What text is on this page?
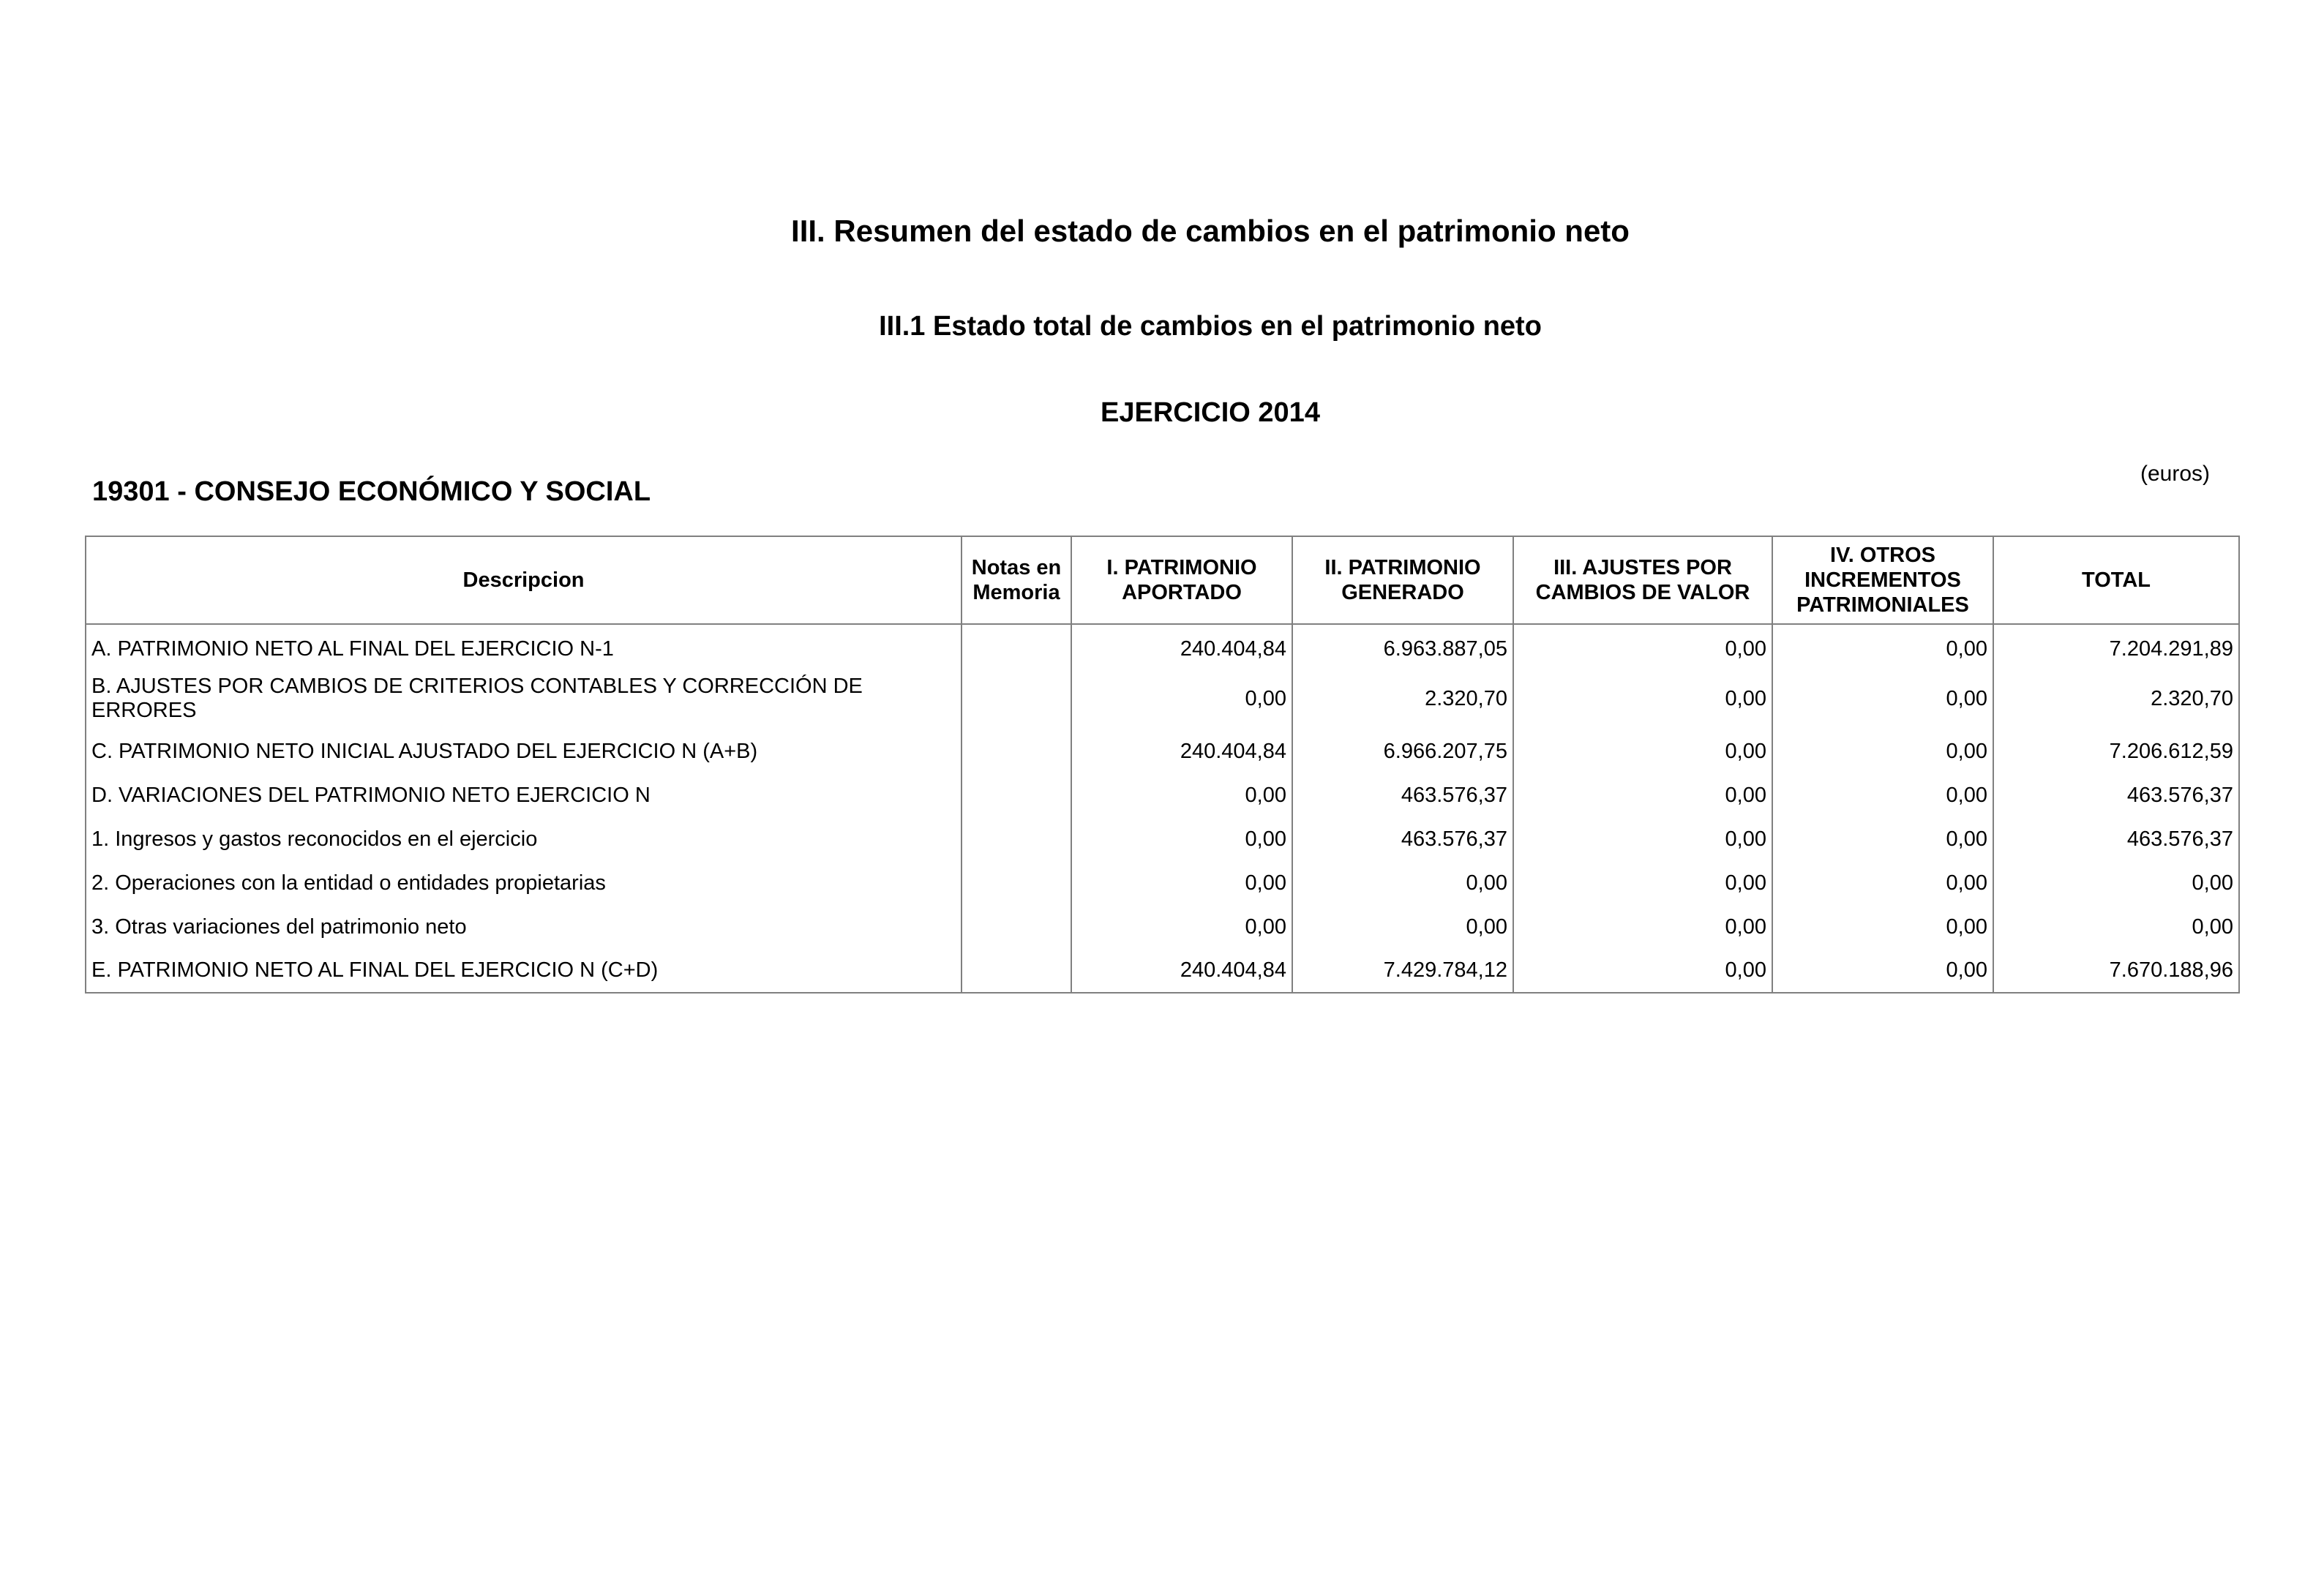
III. Resumen del estado de cambios en el patrimonio neto
III.1 Estado total de cambios en el patrimonio neto
EJERCICIO 2014
(euros)
19301 - CONSEJO ECONÓMICO Y SOCIAL
Descripcion	Notas en Memoria	I. PATRIMONIO APORTADO	II. PATRIMONIO GENERADO	III. AJUSTES POR CAMBIOS DE VALOR	IV. OTROS INCREMENTOS PATRIMONIALES	TOTAL
A. PATRIMONIO NETO AL FINAL DEL EJERCICIO N-1		240.404,84	6.963.887,05	0,00	0,00	7.204.291,89
B. AJUSTES POR CAMBIOS DE CRITERIOS CONTABLES Y CORRECCIÓN DE ERRORES		0,00	2.320,70	0,00	0,00	2.320,70
C. PATRIMONIO NETO INICIAL AJUSTADO DEL EJERCICIO N (A+B)		240.404,84	6.966.207,75	0,00	0,00	7.206.612,59
D. VARIACIONES DEL PATRIMONIO NETO EJERCICIO N		0,00	463.576,37	0,00	0,00	463.576,37
1. Ingresos y gastos reconocidos en el ejercicio		0,00	463.576,37	0,00	0,00	463.576,37
2. Operaciones con la entidad o entidades propietarias		0,00	0,00	0,00	0,00	0,00
3. Otras variaciones del patrimonio neto		0,00	0,00	0,00	0,00	0,00
E. PATRIMONIO NETO AL FINAL DEL EJERCICIO N (C+D)		240.404,84	7.429.784,12	0,00	0,00	7.670.188,96
